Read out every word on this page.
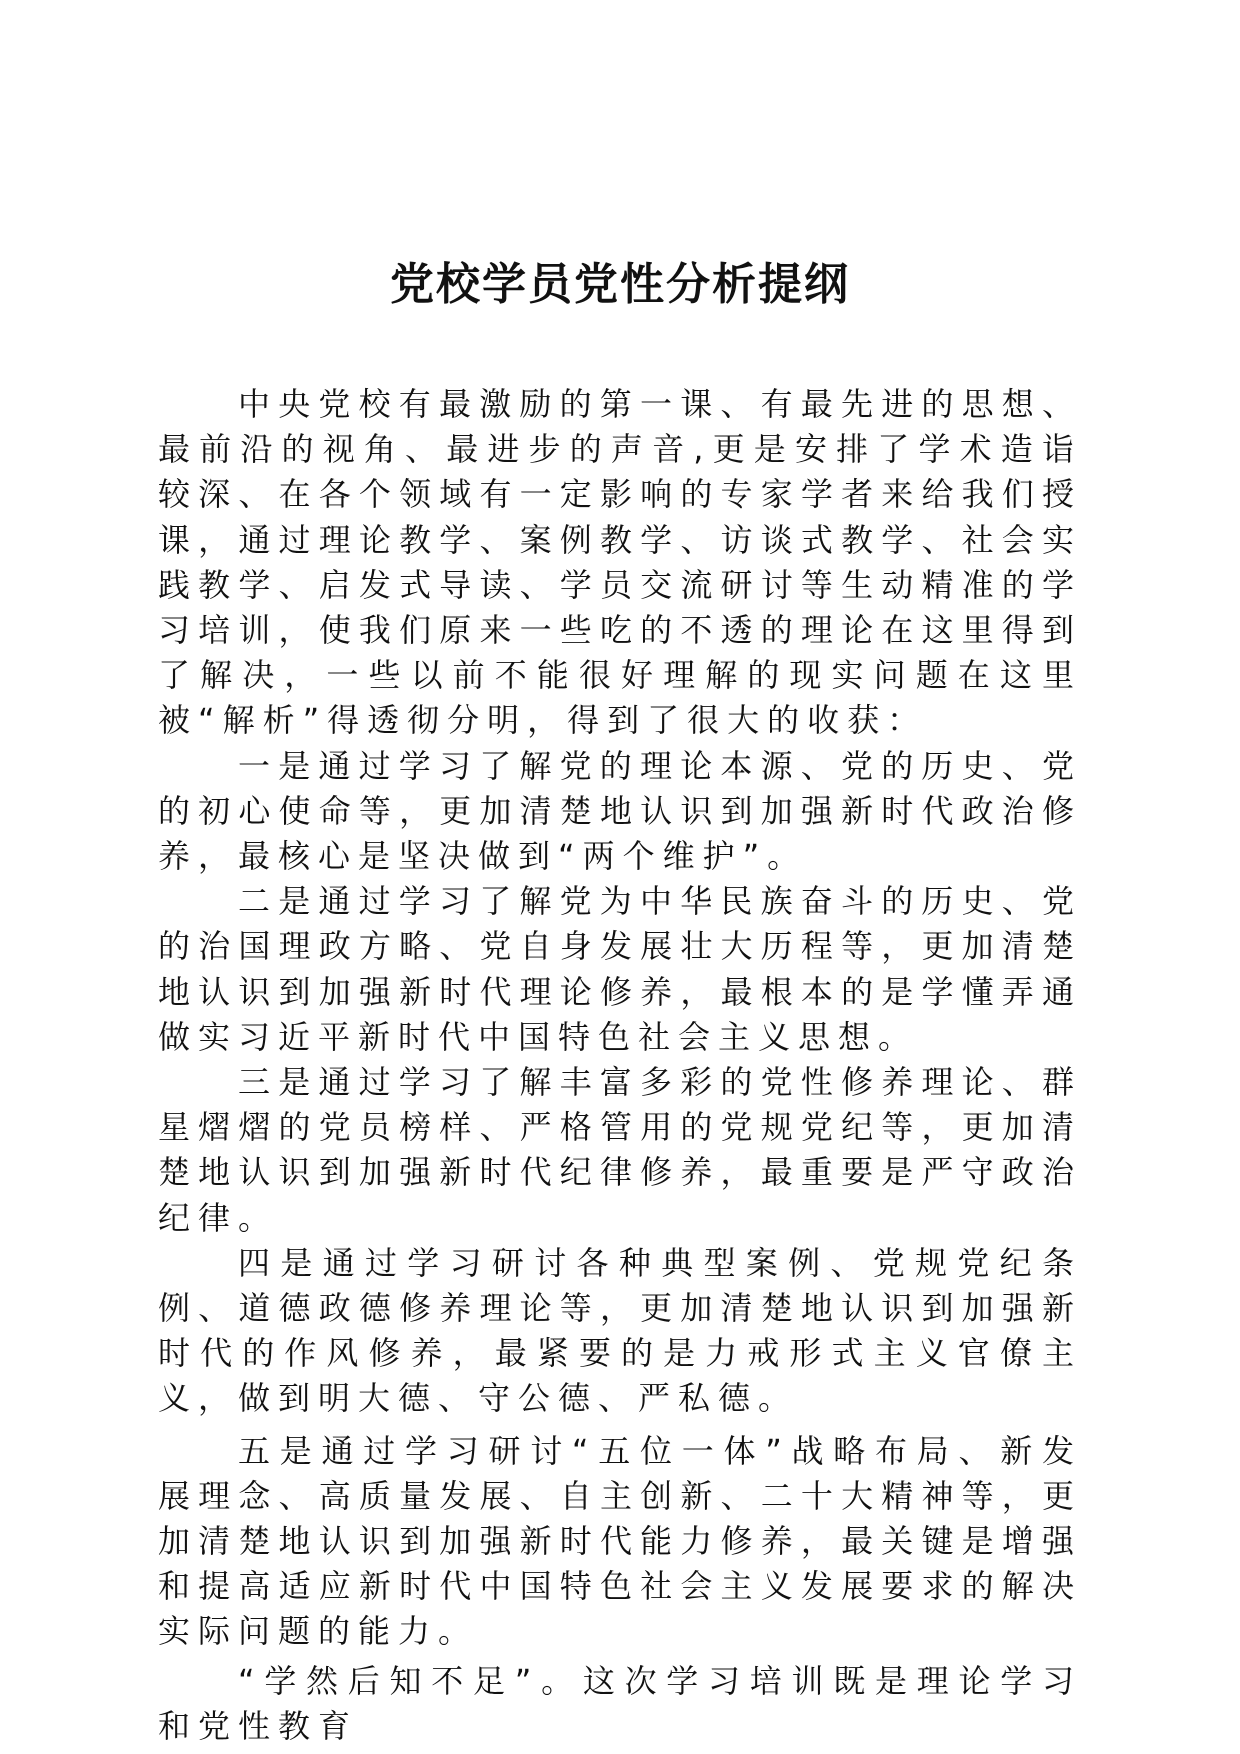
党校学员党性分析提纲

中央党校有最激励的第一课、有最先进的思想、最前沿的视角、最进步的声音,更是安排了学术造诣较深、在各个领域有一定影响的专家学者来给我们授课，通过理论教学、案例教学、访谈式教学、社会实践教学、启发式导读、学员交流研讨等生动精准的学习培训，使我们原来一些吃的不透的理论在这里得到了解决，一些以前不能很好理解的现实问题在这里被“解析”得透彻分明，得到了很大的收获：

一是通过学习了解党的理论本源、党的历史、党的初心使命等，更加清楚地认识到加强新时代政治修养，最核心是坚决做到“两个维护”。

二是通过学习了解党为中华民族奋斗的历史、党的治国理政方略、党自身发展壮大历程等，更加清楚地认识到加强新时代理论修养，最根本的是学懂弄通做实习近平新时代中国特色社会主义思想。

三是通过学习了解丰富多彩的党性修养理论、群星熠熠的党员榜样、严格管用的党规党纪等，更加清楚地认识到加强新时代纪律修养，最重要是严守政治纪律。

四是通过学习研讨各种典型案例、党规党纪条例、道德政德修养理论等，更加清楚地认识到加强新时代的作风修养，最紧要的是力戒形式主义官僚主义，做到明大德、守公德、严私德。

五是通过学习研讨“五位一体”战略布局、新发展理念、高质量发展、自主创新、二十大精神等，更加清楚地认识到加强新时代能力修养，最关键是增强和提高适应新时代中国特色社会主义发展要求的解决实际问题的能力。

“学然后知不足”。这次学习培训既是理论学习和党性教育
